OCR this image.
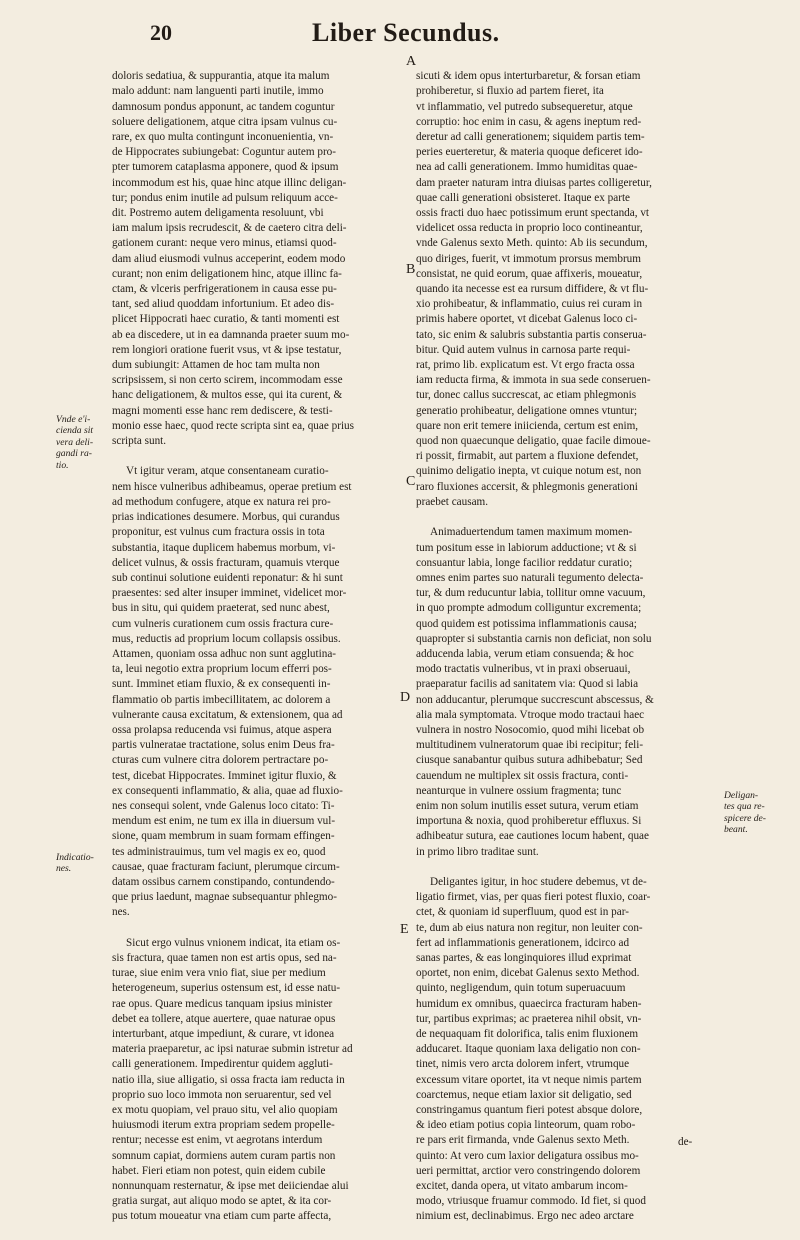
20	Liber Secundus.

doloris sedatiua, & suppurantia, atque ita malum
malo addunt: nam languenti parti inutile, immo
damnosum pondus apponunt, ac tandem coguntur
soluere deligationem, atque citra ipsam vulnus cu-
rare, ex quo multa contingunt inconuenientia, vn-
de Hippocrates subiungebat: Coguntur autem pro-
pter tumorem cataplasma apponere, quod & ipsum
incommodum est his, quae hinc atque illinc deligan-
tur; pondus enim inutile ad pulsum reliquum acce-
dit. Postremo autem deligamenta resoluunt, vbi
iam malum ipsis recrudescit, & de caetero citra deli-
gationem curant: neque vero minus, etiamsi quod-
dam aliud eiusmodi vulnus acceperint, eodem modo
curant; non enim deligationem hinc, atque illinc fa-
ctam, & vlceris perfrigerationem in causa esse pu-
tant, sed aliud quoddam infortunium. Et adeo dis-
plicet Hippocrati haec curatio, & tanti momenti est
ab ea discedere, ut in ea damnanda praeter suum mo-
rem longiori oratione fuerit vsus, vt & ipse testatur,
dum subiungit: Attamen de hoc tam multa non
scripsissem, si non certo scirem, incommodam esse
hanc deligationem, & multos esse, qui ita curent, &
magni momenti esse hanc rem dediscere, & testi-
monio esse haec, quod recte scripta sint ea, quae prius
scripta sunt.

Vt igitur veram, atque consentaneam curatio-
nem hisce vulneribus adhibeamus, operae pretium est
ad methodum confugere, atque ex natura rei pro-
prias indicationes desumere. Morbus, qui curandus
proponitur, est vulnus cum fractura ossis in tota
substantia, itaque duplicem habemus morbum, vi-
delicet vulnus, & ossis fracturam, quamuis vterque
sub continui solutione euidenti reponatur: & hi sunt
praesentes: sed alter insuper imminet, videlicet mor-
bus in situ, qui quidem praeterat, sed nunc abest,
cum vulneris curationem cum ossis fractura cure-
mus, reductis ad proprium locum collapsis ossibus.
Attamen, quoniam ossa adhuc non sunt agglutina-
ta, leui negotio extra proprium locum efferri pos-
sunt. Imminet etiam fluxio, & ex consequenti in-
flammatio ob partis imbecillitatem, ac dolorem a
vulnerante causa excitatum, & extensionem, qua ad
ossa prolapsa reducenda vsi fuimus, atque aspera
partis vulneratae tractatione, solus enim Deus fra-
cturas cum vulnere citra dolorem pertractare po-
test, dicebat Hippocrates. Imminet igitur fluxio, &
ex consequenti inflammatio, & alia, quae ad fluxio-
nes consequi solent, vnde Galenus loco citato: Ti-
mendum est enim, ne tum ex illa in diuersum vul-
sione, quam membrum in suam formam effingen-
tes administrauimus, tum vel magis ex eo, quod
causae, quae fracturam faciunt, plerumque circum-
datam ossibus carnem constipando, contundendo-
que prius laedunt, magnae subsequantur phlegmo-
nes.

Sicut ergo vulnus vnionem indicat, ita etiam os-
sis fractura, quae tamen non est artis opus, sed na-
turae, siue enim vera vnio fiat, siue per medium
heterogeneum, superius ostensum est, id esse natu-
rae opus. Quare medicus tanquam ipsius minister
debet ea tollere, atque auertere, quae naturae opus
interturbant, atque impediunt, & curare, vt idonea
materia praeparetur, ac ipsi naturae submin istretur ad
calli generationem. Impedirentur quidem aggluti-
natio illa, siue alligatio, si ossa fracta iam reducta in
proprio suo loco immota non seruarentur, sed vel
ex motu quopiam, vel prauo situ, vel alio quopiam
huiusmodi iterum extra propriam sedem propelle-
rentur; necesse est enim, vt aegrotans interdum
somnum capiat, dormiens autem curam partis non
habet. Fieri etiam non potest, quin eidem cubile
nonnunquam resternatur, & ipse met deiiciendae alui
gratia surgat, aut aliquo modo se aptet, & ita cor-
pus totum moueatur vna etiam cum parte affecta,

sicuti & idem opus interturbaretur, & forsan etiam
prohiberetur, si fluxio ad partem fieret, ita
vt inflammatio, vel putredo subsequeretur, atque
corruptio: hoc enim in casu, & agens ineptum red-
deretur ad calli generationem; siquidem partis tem-
peries euerteretur, & materia quoque deficeret ido-
nea ad calli generationem. Immo humiditas quae-
dam praeter naturam intra diuisas partes colligeretur,
quae calli generationi obsisteret. Itaque ex parte
ossis fracti duo haec potissimum erunt spectanda, vt
videlicet ossa reducta in proprio loco contineantur,
vnde Galenus sexto Meth. quinto: Ab iis secundum,
quo diriges, fuerit, vt immotum prorsus membrum
consistat, ne quid eorum, quae affixeris, moueatur,
quando ita necesse est ea rursum diffidere, & vt flu-
xio prohibeatur, & inflammatio, cuius rei curam in
primis habere oportet, vt dicebat Galenus loco ci-
tato, sic enim & salubris substantia partis conserua-
bitur. Quid autem vulnus in carnosa parte requi-
rat, primo lib. explicatum est. Vt ergo fracta ossa
iam reducta firma, & immota in sua sede conseruen-
tur, donec callus succrescat, ac etiam phlegmonis
generatio prohibeatur, deligatione omnes vtuntur;
quare non erit temere iniicienda, certum est enim,
quod non quaecunque deligatio, quae facile dimoue-
ri possit, firmabit, aut partem a fluxione defendet,
quinimo deligatio inepta, vt cuique notum est, non
raro fluxiones accersit, & phlegmonis generationi
praebet causam.

Animaduertendum tamen maximum momen-
tum positum esse in labiorum adductione; vt & si
consuantur labia, longe facilior reddatur curatio;
omnes enim partes suo naturali tegumento delecta-
tur, & dum reducuntur labia, tollitur omne vacuum,
in quo prompte admodum colliguntur excrementa;
quod quidem est potissima inflammationis causa;
quapropter si substantia carnis non deficiat, non solu
adducenda labia, verum etiam consuenda; & hoc
modo tractatis vulneribus, vt in praxi obseruaui,
praeparatur facilis ad sanitatem via: Quod si labia
non adducantur, plerumque succrescunt abscessus, &
alia mala symptomata. Vtroque modo tractaui haec
vulnera in nostro Nosocomio, quod mihi licebat ob
multitudinem vulneratorum quae ibi recipitur; feli-
ciusque sanabantur quibus sutura adhibebatur; Sed
cauendum ne multiplex sit ossis fractura, conti-
neanturque in vulnere ossium fragmenta; tunc
enim non solum inutilis esset sutura, verum etiam
importuna & noxia, quod prohiberetur effluxus. Si
adhibeatur sutura, eae cautiones locum habent, quae
in primo libro traditae sunt.

Deligantes igitur, in hoc studere debemus, vt de-
ligatio firmet, vias, per quas fieri potest fluxio, coar-
ctet, & quoniam id superfluum, quod est in par-
te, dum ab eius natura non regitur, non leuiter con-
fert ad inflammationis generationem, idcirco ad
sanas partes, & eas longinquiores illud exprimat
oportet, non enim, dicebat Galenus sexto Method.
quinto, negligendum, quin totum superuacuum
humidum ex omnibus, quaecirca fracturam haben-
tur, partibus exprimas; ac praeterea nihil obsit, vn-
de nequaquam fit dolorifica, talis enim fluxionem
adducaret. Itaque quoniam laxa deligatio non con-
tinet, nimis vero arcta dolorem infert, vtrumque
excessum vitare oportet, ita vt neque nimis partem
coarctemus, neque etiam laxior sit deligatio, sed
constringamus quantum fieri potest absque dolore,
& ideo etiam potius copia linteorum, quam robo-
re pars erit firmanda, vnde Galenus sexto Meth.
quinto: At vero cum laxior deligatura ossibus mo-
ueri permittat, arctior vero constringendo dolorem
excitet, danda opera, ut vitato ambarum incom-
modo, vtriusque fruamur commodo. Id fiet, si quod
nimium est, declinabimus. Ergo nec adeo arctare

A
B
C
D
E
Vnde e'i-
cienda sit
vera deli-
gandi ra-
tio.
Indicatio-
nes.
Deligan-
tes qua re-
spicere de-
beant.
de-
